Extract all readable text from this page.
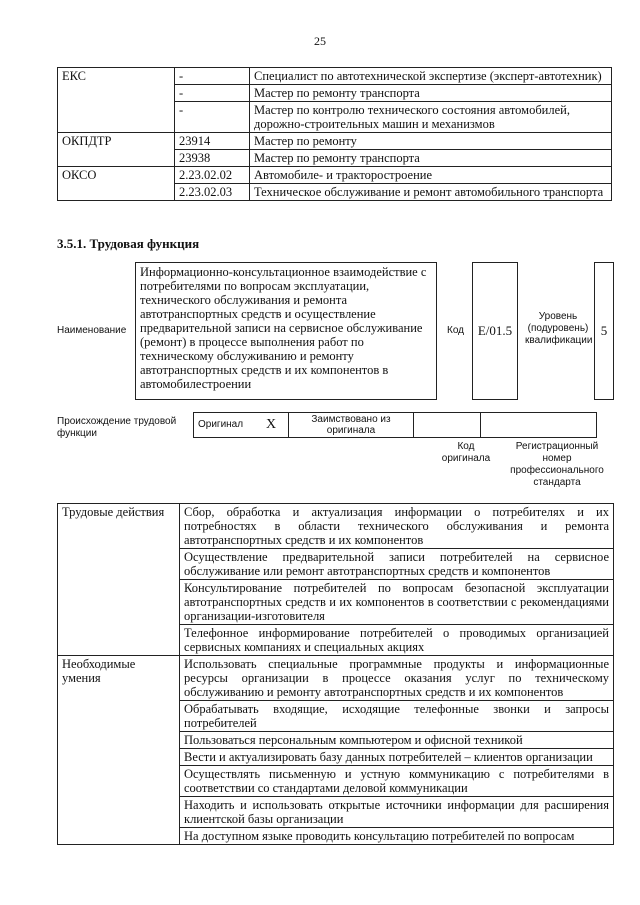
25
ЕКС	-	Специалист по автотехнической экспертизе (эксперт-автотехник)
	-	Мастер по ремонту транспорта
	-	Мастер по контролю технического состояния автомобилей, дорожно-строительных машин и механизмов
ОКПДТР	23914	Мастер по ремонту
	23938	Мастер по ремонту транспорта
ОКСО	2.23.02.02	Автомобиле- и тракторостроение
	2.23.02.03	Техническое обслуживание и ремонт автомобильного транспорта
3.5.1. Трудовая функция
Наименование
Информационно-консультационное взаимодействие с потребителями по вопросам эксплуатации, технического обслуживания и ремонта автотранспортных средств и осуществление предварительной записи на сервисное обслуживание (ремонт) в процессе выполнения работ по техническому обслуживанию и ремонту автотранспортных средств и их компонентов в автомобилестроении
Код	E/01.5
Уровень (подуровень) квалификации
5
Происхождение трудовой функции
Оригинал	X	Заимствовано из оригинала		
Код оригинала
Регистрационный номер профессионального стандарта
Трудовые действия	Сбор, обработка и актуализация информации о потребителях и их потребностях в области технического обслуживания и ремонта автотранспортных средств и их компонентов
	Осуществление предварительной записи потребителей на сервисное обслуживание или ремонт автотранспортных средств и компонентов
	Консультирование потребителей по вопросам безопасной эксплуатации автотранспортных средств и их компонентов в соответствии с рекомендациями организации-изготовителя
	Телефонное информирование потребителей о проводимых организацией сервисных компаниях и специальных акциях
Необходимые умения	Использовать специальные программные продукты и информационные ресурсы организации в процессе оказания услуг по техническому обслуживанию и ремонту автотранспортных средств и их компонентов
	Обрабатывать входящие, исходящие телефонные звонки и запросы потребителей
	Пользоваться персональным компьютером и офисной техникой
	Вести и актуализировать базу данных потребителей – клиентов организации
	Осуществлять письменную и устную коммуникацию с потребителями в соответствии со стандартами деловой коммуникации
	Находить и использовать открытые источники информации для расширения клиентской базы организации
	На доступном языке проводить консультацию потребителей по вопросам
